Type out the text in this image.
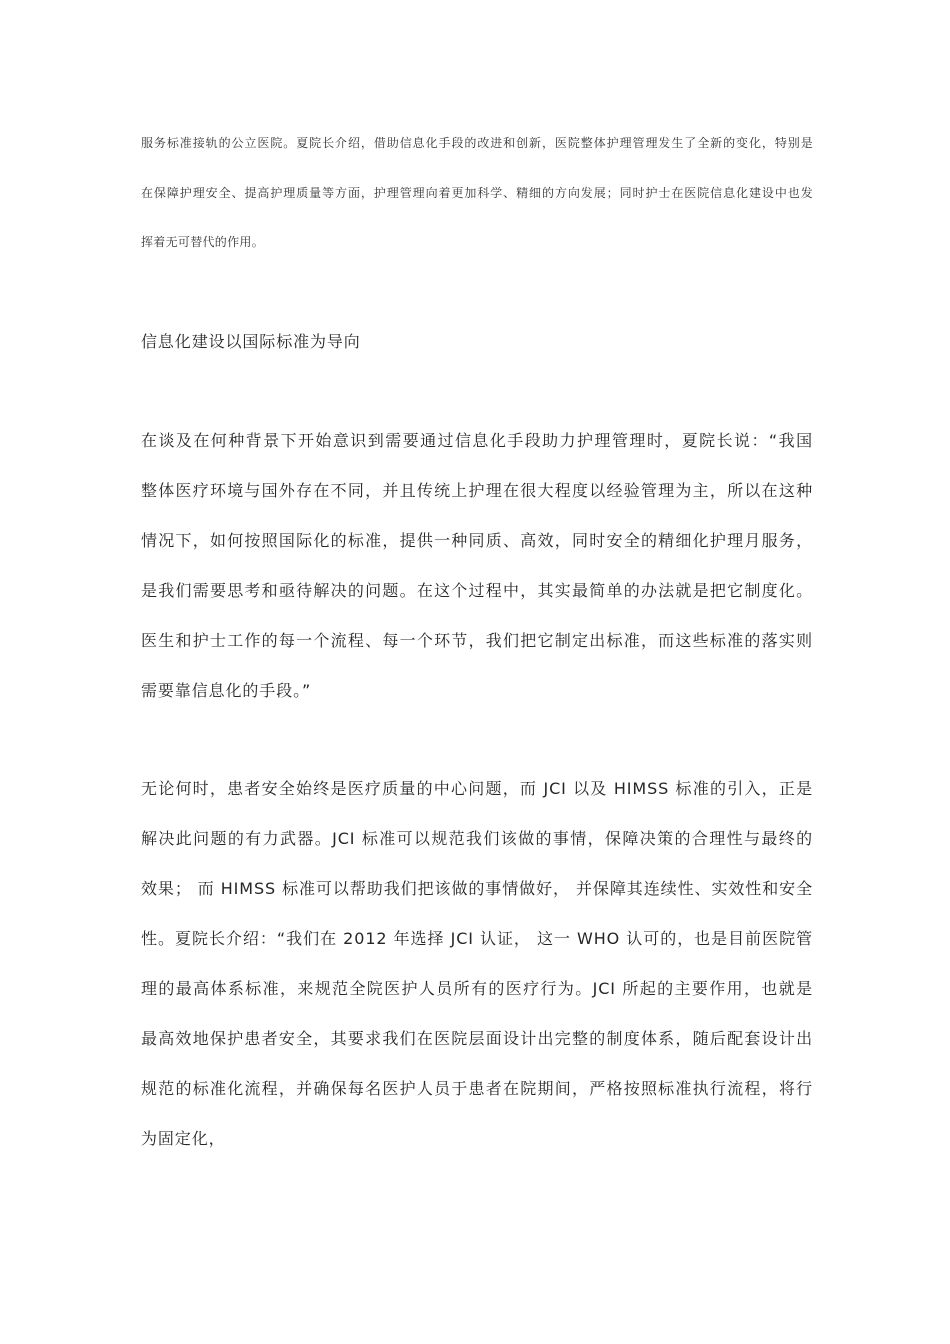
服务标准接轨的公立医院。夏院长介绍，借助信息化手段的改进和创新，医院整体护理管理发生了全新的变化，特别是
在保障护理安全、提高护理质量等方面，护理管理向着更加科学、精细的方向发展；同时护士在医院信息化建设中也发
挥着无可替代的作用。
信息化建设以国际标准为导向
在谈及在何种背景下开始意识到需要通过信息化手段助力护理管理时，夏院长说：“我国
整体医疗环境与国外存在不同，并且传统上护理在很大程度以经验管理为主，所以在这种
情况下，如何按照国际化的标准，提供一种同质、高效，同时安全的精细化护理月服务，
是我们需要思考和亟待解决的问题。在这个过程中，其实最简单的办法就是把它制度化。
医生和护士工作的每一个流程、每一个环节，我们把它制定出标准，而这些标准的落实则
需要靠信息化的手段。”
无论何时，患者安全始终是医疗质量的中心问题，而 JCI 以及 HIMSS 标准的引入，正是
解决此问题的有力武器。JCI 标准可以规范我们该做的事情，保障决策的合理性与最终的
效果； 而 HIMSS 标准可以帮助我们把该做的事情做好， 并保障其连续性、实效性和安全
性。夏院长介绍：“我们在 2012 年选择 JCI 认证， 这一 WHO 认可的，也是目前医院管
理的最高体系标准，来规范全院医护人员所有的医疗行为。JCI 所起的主要作用，也就是
最高效地保护患者安全，其要求我们在医院层面设计出完整的制度体系，随后配套设计出
规范的标准化流程，并确保每名医护人员于患者在院期间，严格按照标准执行流程，将行
为固定化，
